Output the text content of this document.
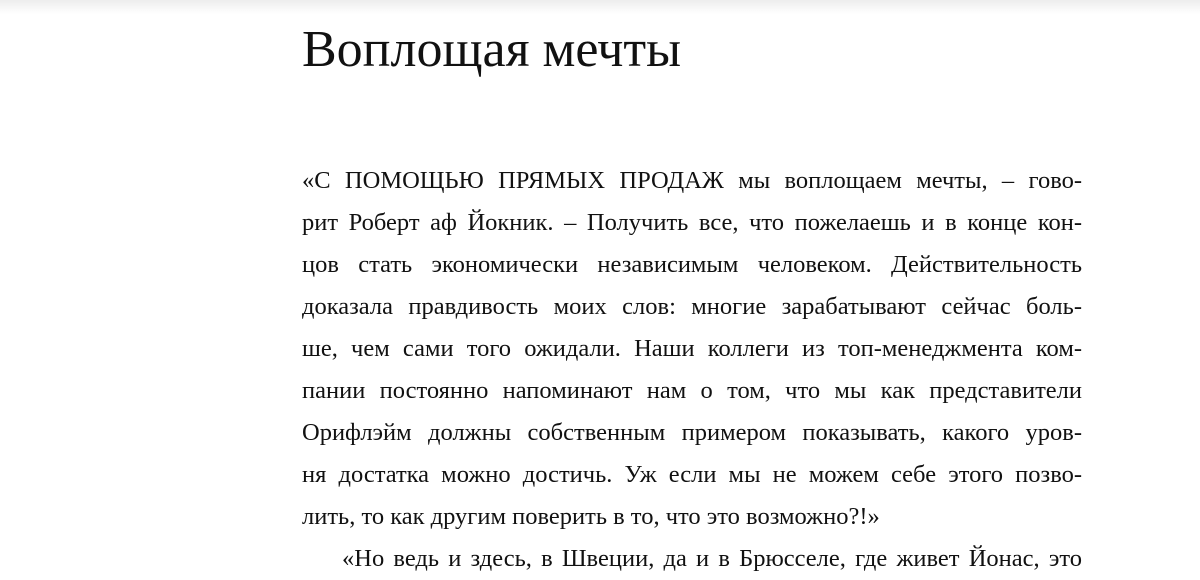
Воплощая мечты
«С ПОМОЩЬЮ ПРЯМЫХ ПРОДАЖ мы воплощаем мечты, – гово-
рит Роберт аф Йокник. – Получить все, что пожелаешь и в конце кон-
цов стать экономически независимым человеком. Действительность
доказала правдивость моих слов: многие зарабатывают сейчас боль-
ше, чем сами того ожидали. Наши коллеги из топ-менеджмента ком-
пании постоянно напоминают нам о том, что мы как представители
Орифлэйм должны собственным примером показывать, какого уров-
ня достатка можно достичь. Уж если мы не можем себе этого позво-
лить, то как другим поверить в то, что это возможно?!»
«Но ведь и здесь, в Швеции, да и в Брюсселе, где живет Йонас, это
